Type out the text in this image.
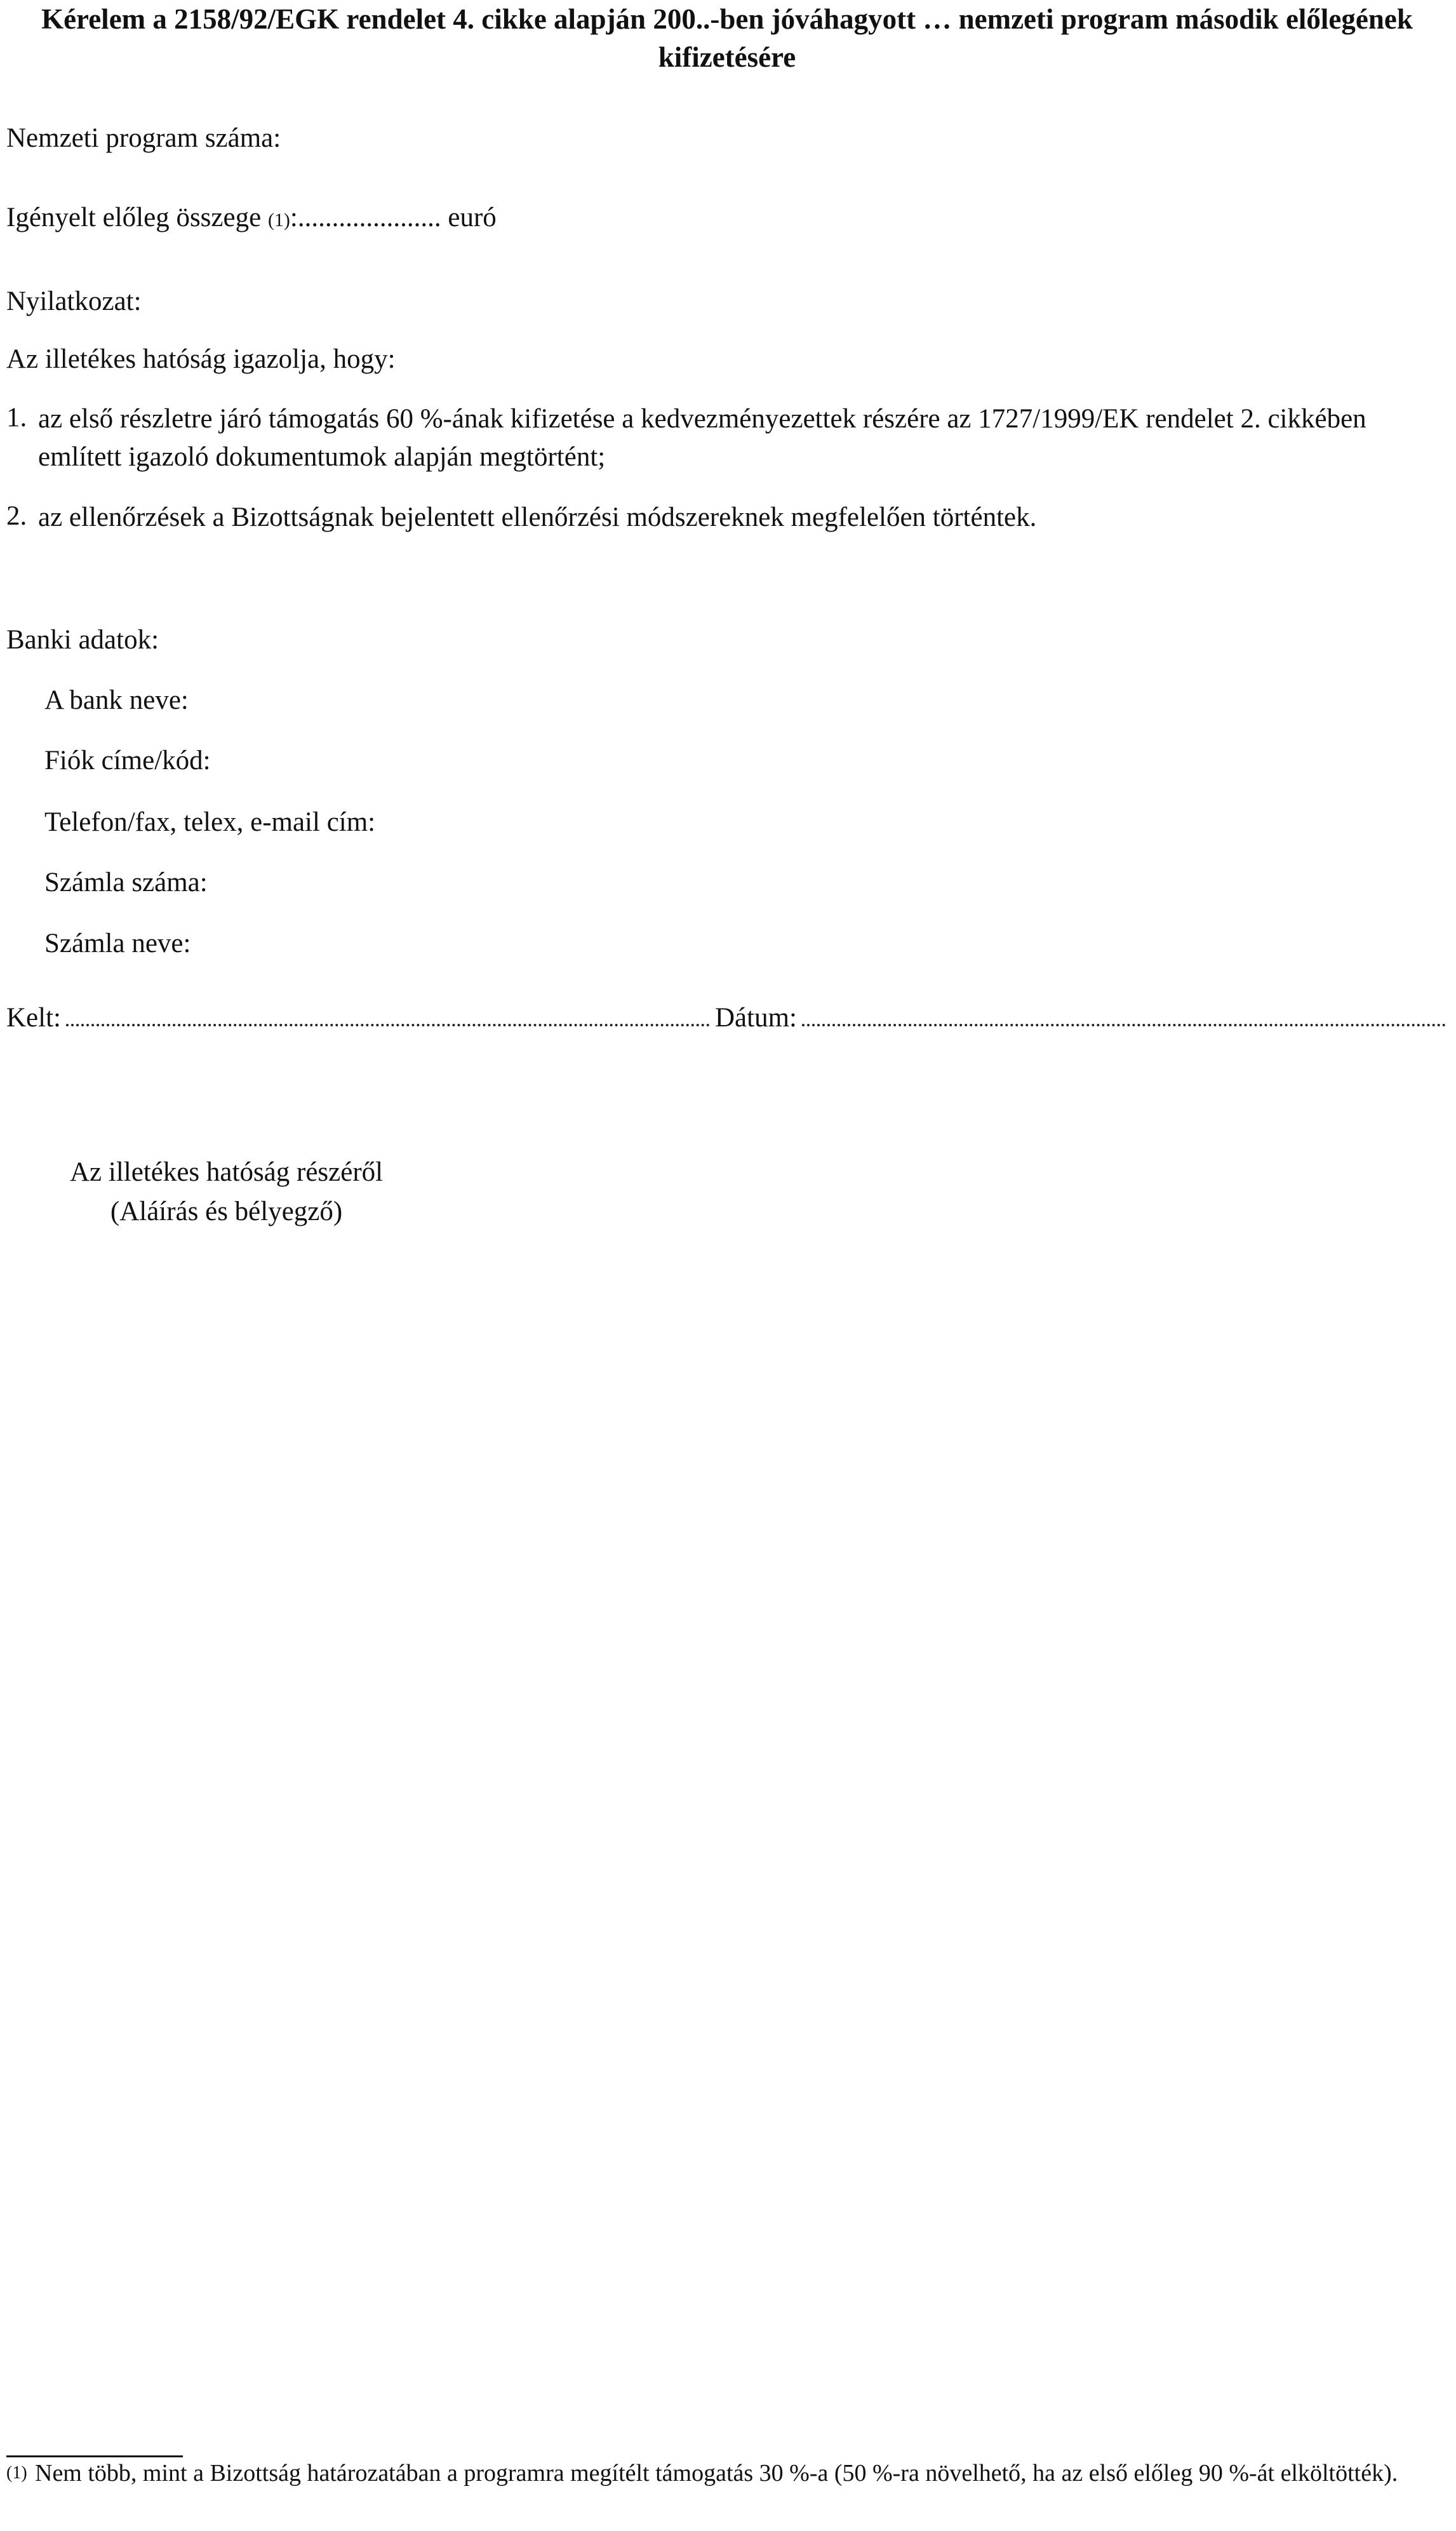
Kérelem a 2158/92/EGK rendelet 4. cikke alapján 200..-ben jóváhagyott … nemzeti program második előlegének kifizetésére
Nemzeti program száma:
Igényelt előleg összege (1):..................... euró
Nyilatkozat:
Az illetékes hatóság igazolja, hogy:
1. az első részletre járó támogatás 60 %-ának kifizetése a kedvezményezettek részére az 1727/1999/EK rendelet 2. cikkében említett igazoló dokumentumok alapján megtörtént;
2. az ellenőrzések a Bizottságnak bejelentett ellenőrzési módszereknek megfelelően történtek.
Banki adatok:
A bank neve:
Fiók címe/kód:
Telefon/fax, telex, e-mail cím:
Számla száma:
Számla neve:
Kelt:	Dátum:
Az illetékes hatóság részéről
(Aláírás és bélyegző)
(1) Nem több, mint a Bizottság határozatában a programra megítélt támogatás 30 %-a (50 %-ra növelhető, ha az első előleg 90 %-át elköltötték).
